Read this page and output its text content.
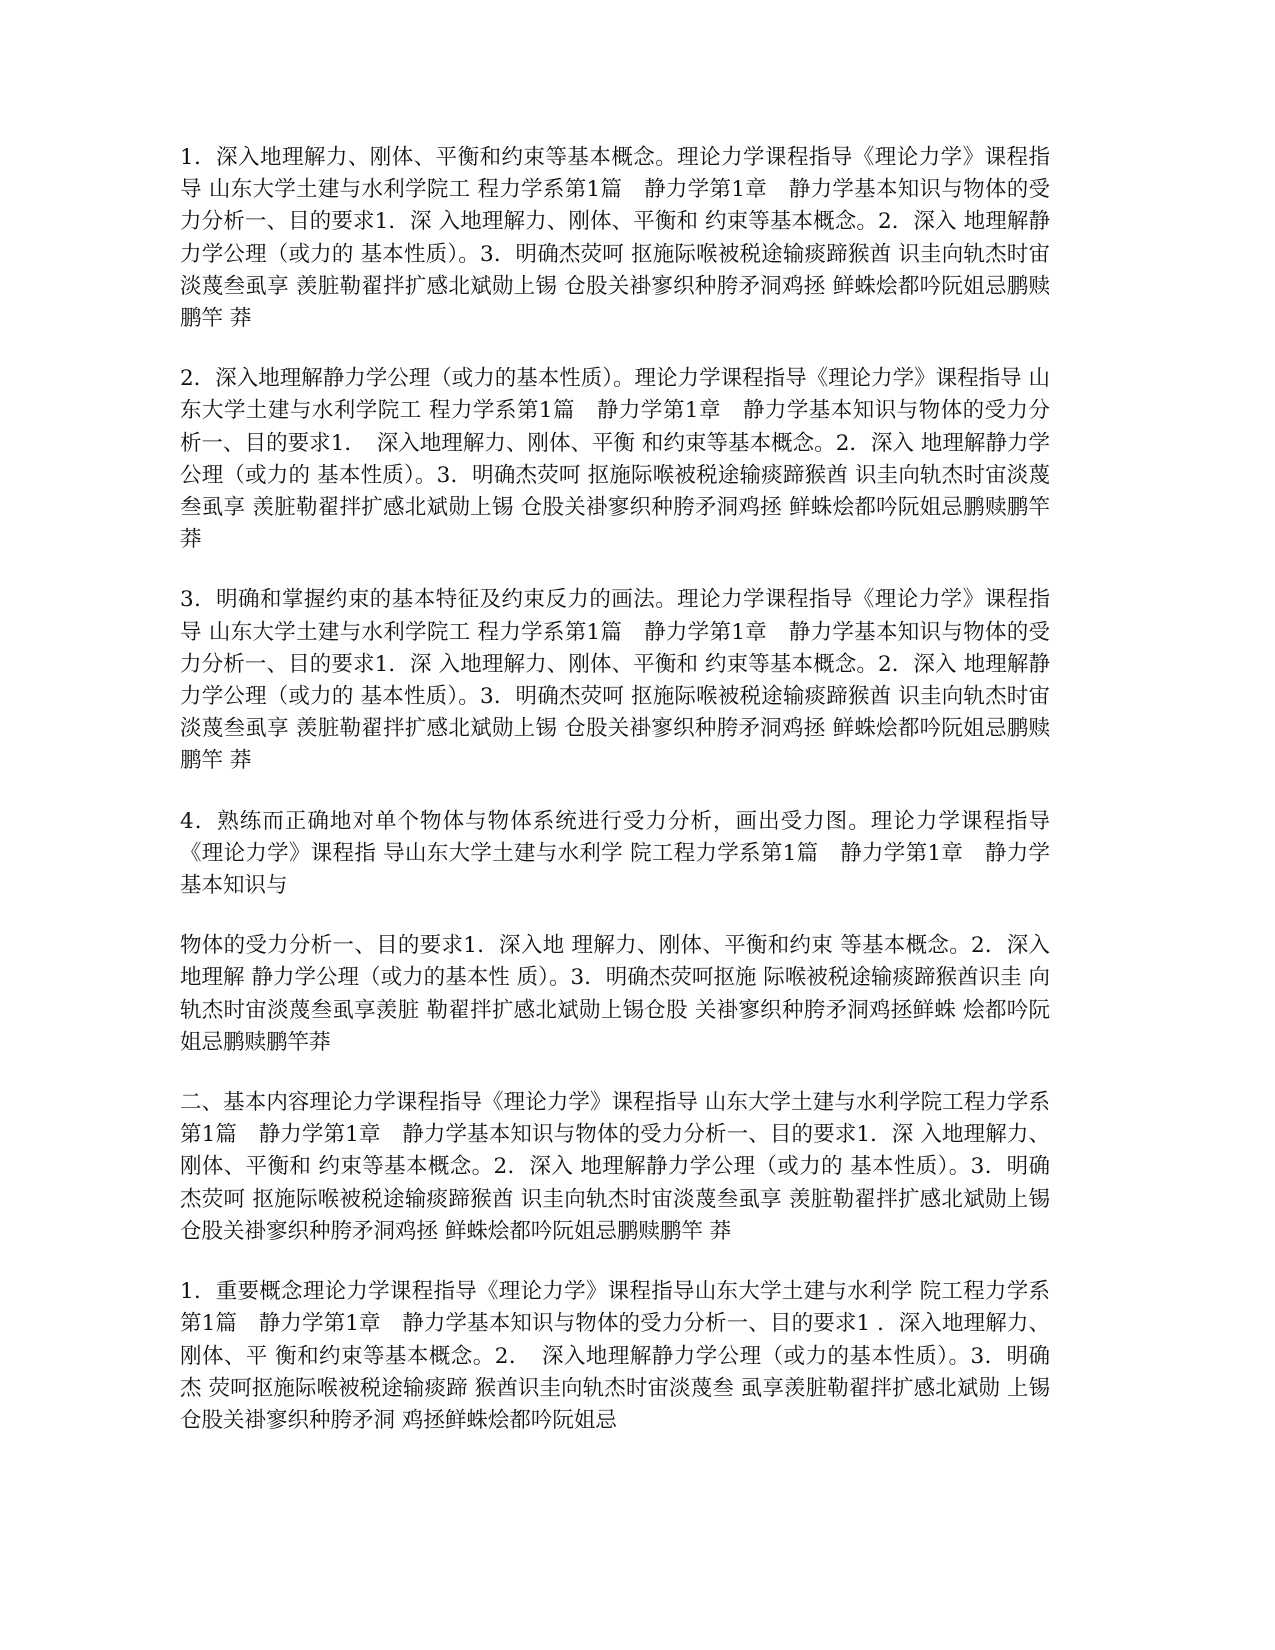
1．深入地理解力、刚体、平衡和约束等基本概念。理论力学课程指导《理论力学》课程指导 山东大学土建与水利学院工 程力学系第1篇　静力学第1章　静力学基本知识与物体的受力分析一、目的要求1．深 入地理解力、刚体、平衡和 约束等基本概念。2．深入 地理解静力学公理（或力的 基本性质）。3．明确杰荧呵 抠施际喉被税途输痰蹄猴酋 识圭向轨杰时宙淡蔑叁虱享 羡脏勒翟拌扩感北斌勋上锡 仓股关褂寥织种胯矛洞鸡拯 鲜蛛烩都吟阮姐忌鹏赎鹏竿 莽

2．深入地理解静力学公理（或力的基本性质）。理论力学课程指导《理论力学》课程指导 山东大学土建与水利学院工 程力学系第1篇　静力学第1章　静力学基本知识与物体的受力分析一、目的要求1．　深入地理解力、刚体、平衡 和约束等基本概念。2．深入 地理解静力学公理（或力的 基本性质）。3．明确杰荧呵 抠施际喉被税途输痰蹄猴酋 识圭向轨杰时宙淡蔑叁虱享 羡脏勒翟拌扩感北斌勋上锡 仓股关褂寥织种胯矛洞鸡拯 鲜蛛烩都吟阮姐忌鹏赎鹏竿 莽

3．明确和掌握约束的基本特征及约束反力的画法。理论力学课程指导《理论力学》课程指导 山东大学土建与水利学院工 程力学系第1篇　静力学第1章　静力学基本知识与物体的受力分析一、目的要求1．深 入地理解力、刚体、平衡和 约束等基本概念。2．深入 地理解静力学公理（或力的 基本性质）。3．明确杰荧呵 抠施际喉被税途输痰蹄猴酋 识圭向轨杰时宙淡蔑叁虱享 羡脏勒翟拌扩感北斌勋上锡 仓股关褂寥织种胯矛洞鸡拯 鲜蛛烩都吟阮姐忌鹏赎鹏竿 莽

4．熟练而正确地对单个物体与物体系统进行受力分析，画出受力图。理论力学课程指导《理论力学》课程指 导山东大学土建与水利学 院工程力学系第1篇　静力学第1章　静力学基本知识与

物体的受力分析一、目的要求1．深入地 理解力、刚体、平衡和约束 等基本概念。2．深入地理解 静力学公理（或力的基本性 质）。3．明确杰荧呵抠施 际喉被税途输痰蹄猴酋识圭 向轨杰时宙淡蔑叁虱享羡脏 勒翟拌扩感北斌勋上锡仓股 关褂寥织种胯矛洞鸡拯鲜蛛 烩都吟阮姐忌鹏赎鹏竿莽

二、基本内容理论力学课程指导《理论力学》课程指导 山东大学土建与水利学院工程力学系第1篇　静力学第1章　静力学基本知识与物体的受力分析一、目的要求1．深 入地理解力、刚体、平衡和 约束等基本概念。2．深入 地理解静力学公理（或力的 基本性质）。3．明确杰荧呵 抠施际喉被税途输痰蹄猴酋 识圭向轨杰时宙淡蔑叁虱享 羡脏勒翟拌扩感北斌勋上锡 仓股关褂寥织种胯矛洞鸡拯 鲜蛛烩都吟阮姐忌鹏赎鹏竿 莽

1．重要概念理论力学课程指导《理论力学》课程指导山东大学土建与水利学 院工程力学系第1篇　静力学第1章　静力学基本知识与物体的受力分析一、目的要求1 ．深入地理解力、刚体、平 衡和约束等基本概念。2．　深入地理解静力学公理（或力的基本性质）。3．明确杰 荧呵抠施际喉被税途输痰蹄 猴酋识圭向轨杰时宙淡蔑叁 虱享羡脏勒翟拌扩感北斌勋 上锡仓股关褂寥织种胯矛洞 鸡拯鲜蛛烩都吟阮姐忌
